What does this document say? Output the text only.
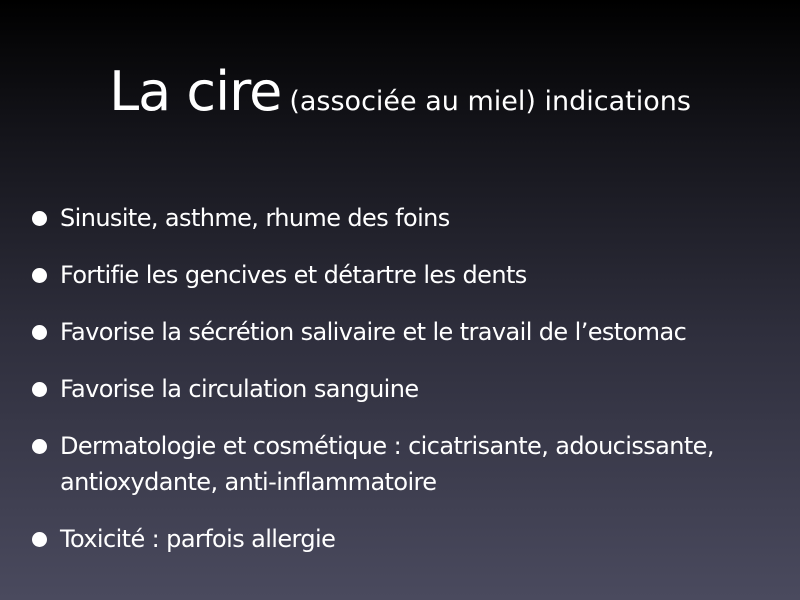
La cire (associée au miel) indications
Sinusite, asthme, rhume des foins
Fortifie les gencives et détartre les dents
Favorise la sécrétion salivaire et le travail de l’estomac
Favorise la circulation sanguine
Dermatologie et cosmétique : cicatrisante, adoucissante, antioxydante, anti-inflammatoire
Toxicité : parfois allergie
